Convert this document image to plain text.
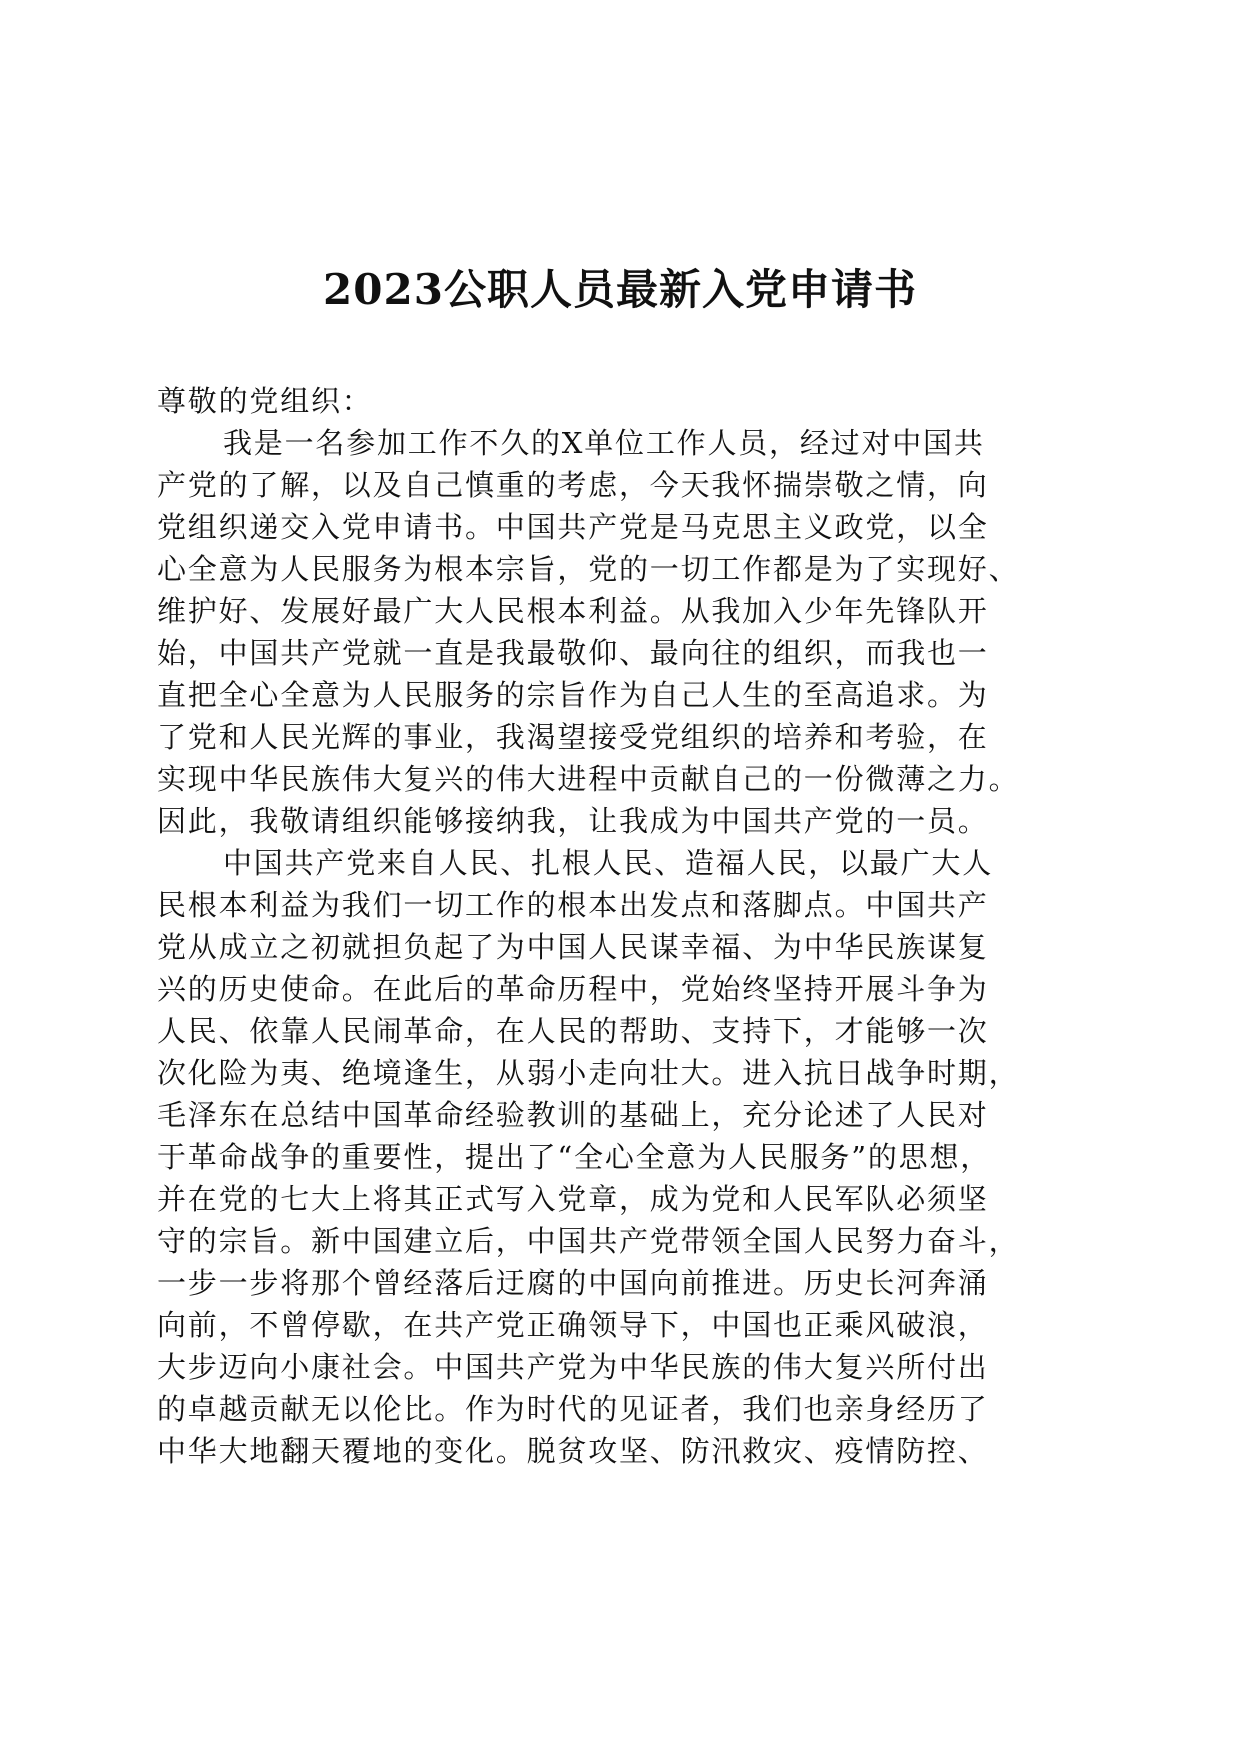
2023公职人员最新入党申请书
尊敬的党组织：
我是一名参加工作不久的X单位工作人员，经过对中国共
产党的了解，以及自己慎重的考虑，今天我怀揣崇敬之情，向
党组织递交入党申请书。中国共产党是马克思主义政党，以全
心全意为人民服务为根本宗旨，党的一切工作都是为了实现好、
维护好、发展好最广大人民根本利益。从我加入少年先锋队开
始，中国共产党就一直是我最敬仰、最向往的组织，而我也一
直把全心全意为人民服务的宗旨作为自己人生的至高追求。为
了党和人民光辉的事业，我渴望接受党组织的培养和考验，在
实现中华民族伟大复兴的伟大进程中贡献自己的一份微薄之力。
因此，我敬请组织能够接纳我，让我成为中国共产党的一员。
中国共产党来自人民、扎根人民、造福人民，以最广大人
民根本利益为我们一切工作的根本出发点和落脚点。中国共产
党从成立之初就担负起了为中国人民谋幸福、为中华民族谋复
兴的历史使命。在此后的革命历程中，党始终坚持开展斗争为
人民、依靠人民闹革命，在人民的帮助、支持下，才能够一次
次化险为夷、绝境逢生，从弱小走向壮大。进入抗日战争时期，
毛泽东在总结中国革命经验教训的基础上，充分论述了人民对
于革命战争的重要性，提出了“全心全意为人民服务”的思想，
并在党的七大上将其正式写入党章，成为党和人民军队必须坚
守的宗旨。新中国建立后，中国共产党带领全国人民努力奋斗，
一步一步将那个曾经落后迂腐的中国向前推进。历史长河奔涌
向前，不曾停歇，在共产党正确领导下，中国也正乘风破浪，
大步迈向小康社会。中国共产党为中华民族的伟大复兴所付出
的卓越贡献无以伦比。作为时代的见证者，我们也亲身经历了
中华大地翻天覆地的变化。脱贫攻坚、防汛救灾、疫情防控、
